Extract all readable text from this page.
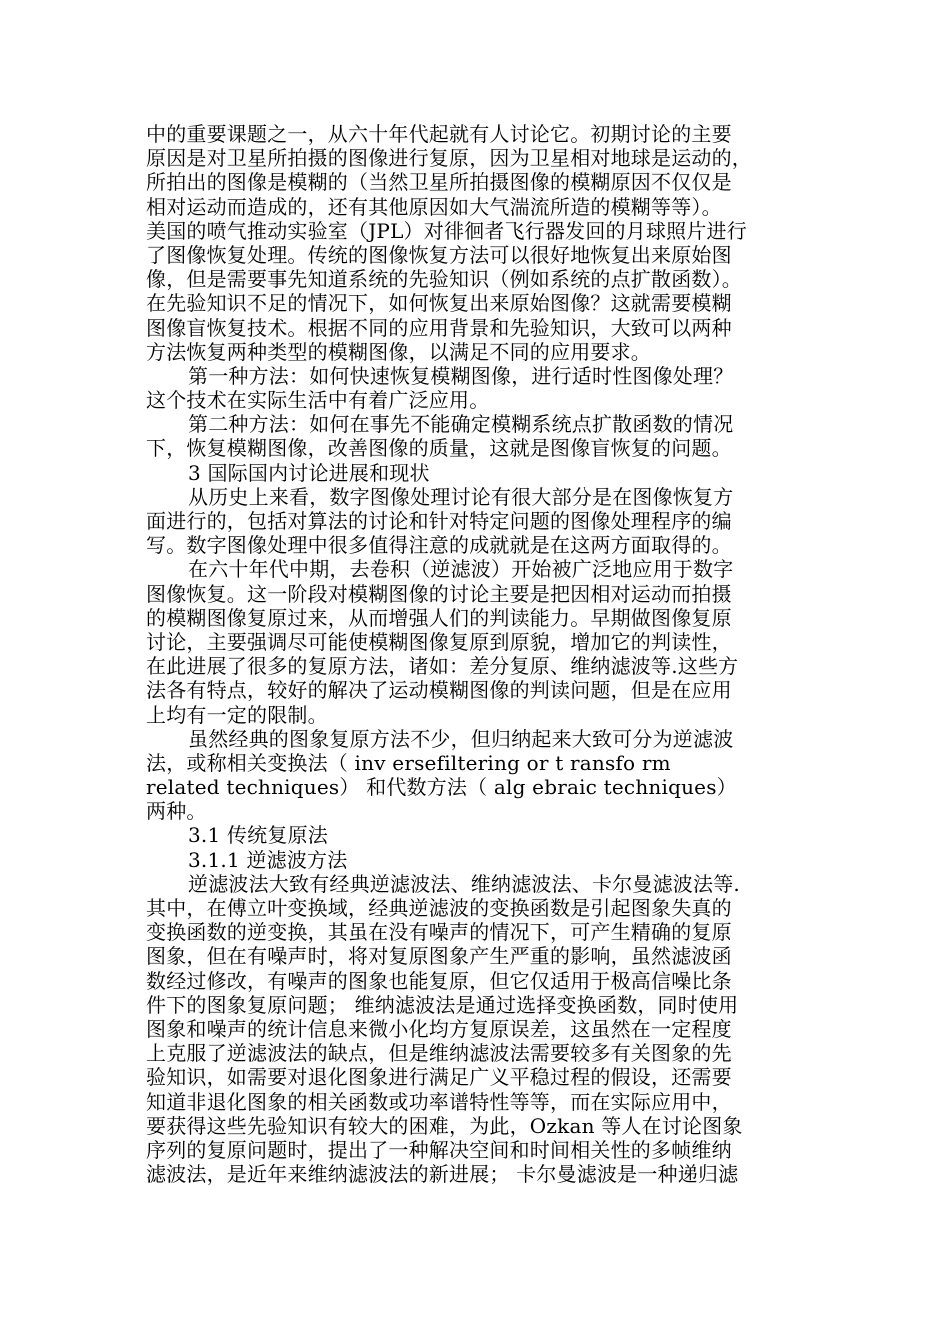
中的重要课题之一，从六十年代起就有人讨论它。初期讨论的主要
原因是对卫星所拍摄的图像进行复原，因为卫星相对地球是运动的，
所拍出的图像是模糊的（当然卫星所拍摄图像的模糊原因不仅仅是
相对运动而造成的，还有其他原因如大气湍流所造的模糊等等）。
美国的喷气推动实验室（JPL）对徘徊者飞行器发回的月球照片进行
了图像恢复处理。传统的图像恢复方法可以很好地恢复出来原始图
像，但是需要事先知道系统的先验知识（例如系统的点扩散函数）。
在先验知识不足的情况下，如何恢复出来原始图像？这就需要模糊
图像盲恢复技术。根据不同的应用背景和先验知识，大致可以两种
方法恢复两种类型的模糊图像，以满足不同的应用要求。
第一种方法：如何快速恢复模糊图像，进行适时性图像处理？
这个技术在实际生活中有着广泛应用。
第二种方法：如何在事先不能确定模糊系统点扩散函数的情况
下，恢复模糊图像，改善图像的质量，这就是图像盲恢复的问题。
3 国际国内讨论进展和现状
从历史上来看，数字图像处理讨论有很大部分是在图像恢复方
面进行的，包括对算法的讨论和针对特定问题的图像处理程序的编
写。数字图像处理中很多值得注意的成就就是在这两方面取得的。
在六十年代中期，去卷积（逆滤波）开始被广泛地应用于数字
图像恢复。这一阶段对模糊图像的讨论主要是把因相对运动而拍摄
的模糊图像复原过来，从而增强人们的判读能力。早期做图像复原
讨论，主要强调尽可能使模糊图像复原到原貌，增加它的判读性，
在此进展了很多的复原方法，诸如：差分复原、维纳滤波等.这些方
法各有特点，较好的解决了运动模糊图像的判读问题，但是在应用
上均有一定的限制。
虽然经典的图象复原方法不少，但归纳起来大致可分为逆滤波
法，或称相关变换法（ inv ersefiltering or t ransfo rm
related techniques） 和代数方法（ alg ebraic techniques）
两种。
3.1 传统复原法
3.1.1 逆滤波方法
逆滤波法大致有经典逆滤波法、维纳滤波法、卡尔曼滤波法等.
其中，在傅立叶变换域，经典逆滤波的变换函数是引起图象失真的
变换函数的逆变换，其虽在没有噪声的情况下，可产生精确的复原
图象，但在有噪声时，将对复原图象产生严重的影响，虽然滤波函
数经过修改，有噪声的图象也能复原，但它仅适用于极高信噪比条
件下的图象复原问题； 维纳滤波法是通过选择变换函数，同时使用
图象和噪声的统计信息来微小化均方复原误差，这虽然在一定程度
上克服了逆滤波法的缺点，但是维纳滤波法需要较多有关图象的先
验知识，如需要对退化图象进行满足广义平稳过程的假设，还需要
知道非退化图象的相关函数或功率谱特性等等，而在实际应用中，
要获得这些先验知识有较大的困难，为此，Ozkan 等人在讨论图象
序列的复原问题时，提出了一种解决空间和时间相关性的多帧维纳
滤波法，是近年来维纳滤波法的新进展； 卡尔曼滤波是一种递归滤
